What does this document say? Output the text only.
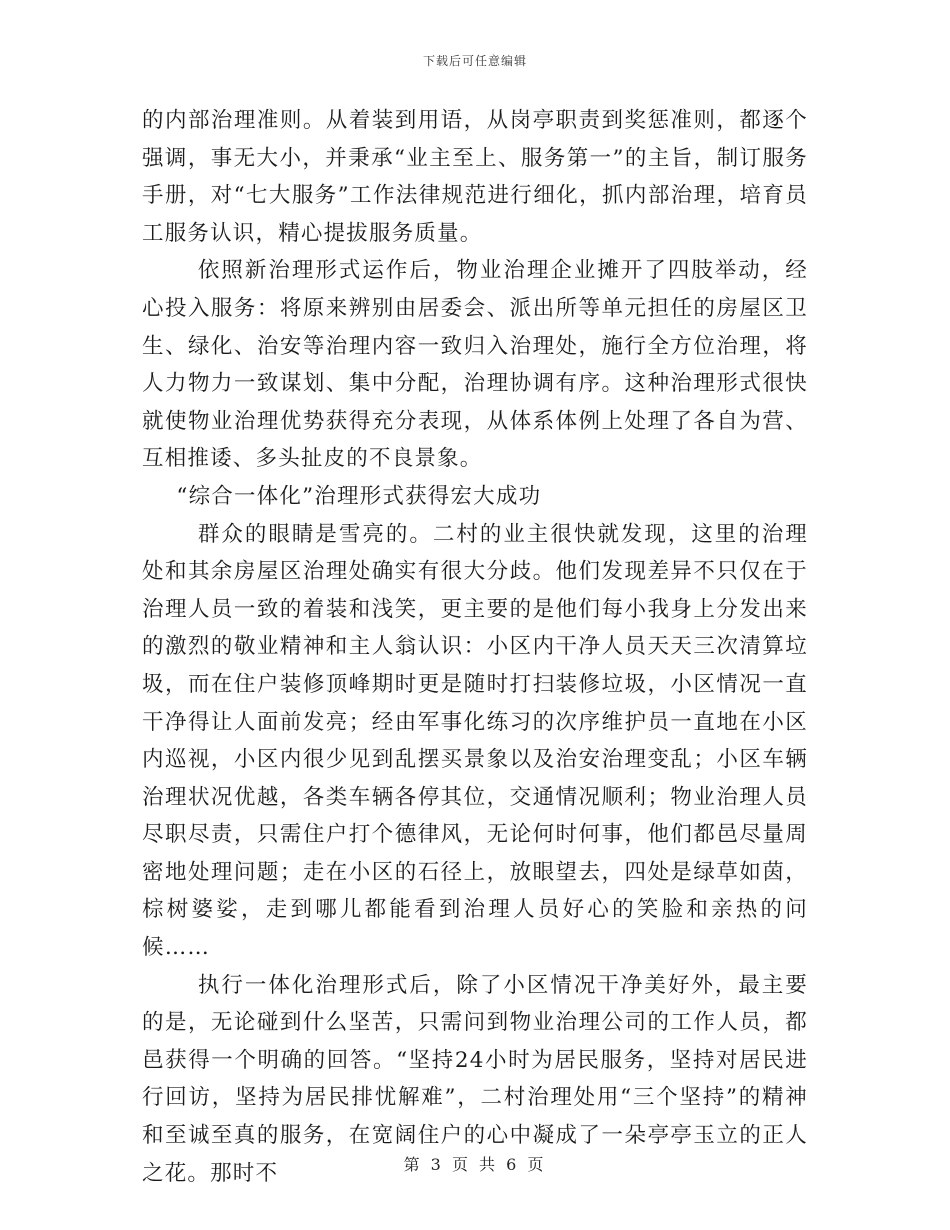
下载后可任意编辑

的内部治理准则。从着装到用语，从岗亭职责到奖惩准则，都逐个强调，事无大小，并秉承“业主至上、服务第一”的主旨，制订服务手册，对“七大服务”工作法律规范进行细化，抓内部治理，培育员工服务认识，精心提拔服务质量。

依照新治理形式运作后，物业治理企业摊开了四肢举动，经心投入服务：将原来辨别由居委会、派出所等单元担任的房屋区卫生、绿化、治安等治理内容一致归入治理处，施行全方位治理，将人力物力一致谋划、集中分配，治理协调有序。这种治理形式很快就使物业治理优势获得充分表现，从体系体例上处理了各自为营、互相推诿、多头扯皮的不良景象。

“综合一体化”治理形式获得宏大成功

群众的眼睛是雪亮的。二村的业主很快就发现，这里的治理处和其余房屋区治理处确实有很大分歧。他们发现差异不只仅在于治理人员一致的着装和浅笑，更主要的是他们每小我身上分发出来的激烈的敬业精神和主人翁认识：小区内干净人员天天三次清算垃圾，而在住户装修顶峰期时更是随时打扫装修垃圾，小区情况一直干净得让人面前发亮；经由军事化练习的次序维护员一直地在小区内巡视，小区内很少见到乱摆买景象以及治安治理变乱；小区车辆治理状况优越，各类车辆各停其位，交通情况顺利；物业治理人员尽职尽责，只需住户打个德律风，无论何时何事，他们都邑尽量周密地处理问题；走在小区的石径上，放眼望去，四处是绿草如茵，棕树婆娑，走到哪儿都能看到治理人员好心的笑脸和亲热的问候……

执行一体化治理形式后，除了小区情况干净美好外，最主要的是，无论碰到什么坚苦，只需问到物业治理公司的工作人员，都邑获得一个明确的回答。“坚持24小时为居民服务，坚持对居民进行回访，坚持为居民排忧解难”，二村治理处用“三个坚持”的精神和至诚至真的服务，在宽阔住户的心中凝成了一朵亭亭玉立的正人之花。那时不	第 3 页 共 6 页
